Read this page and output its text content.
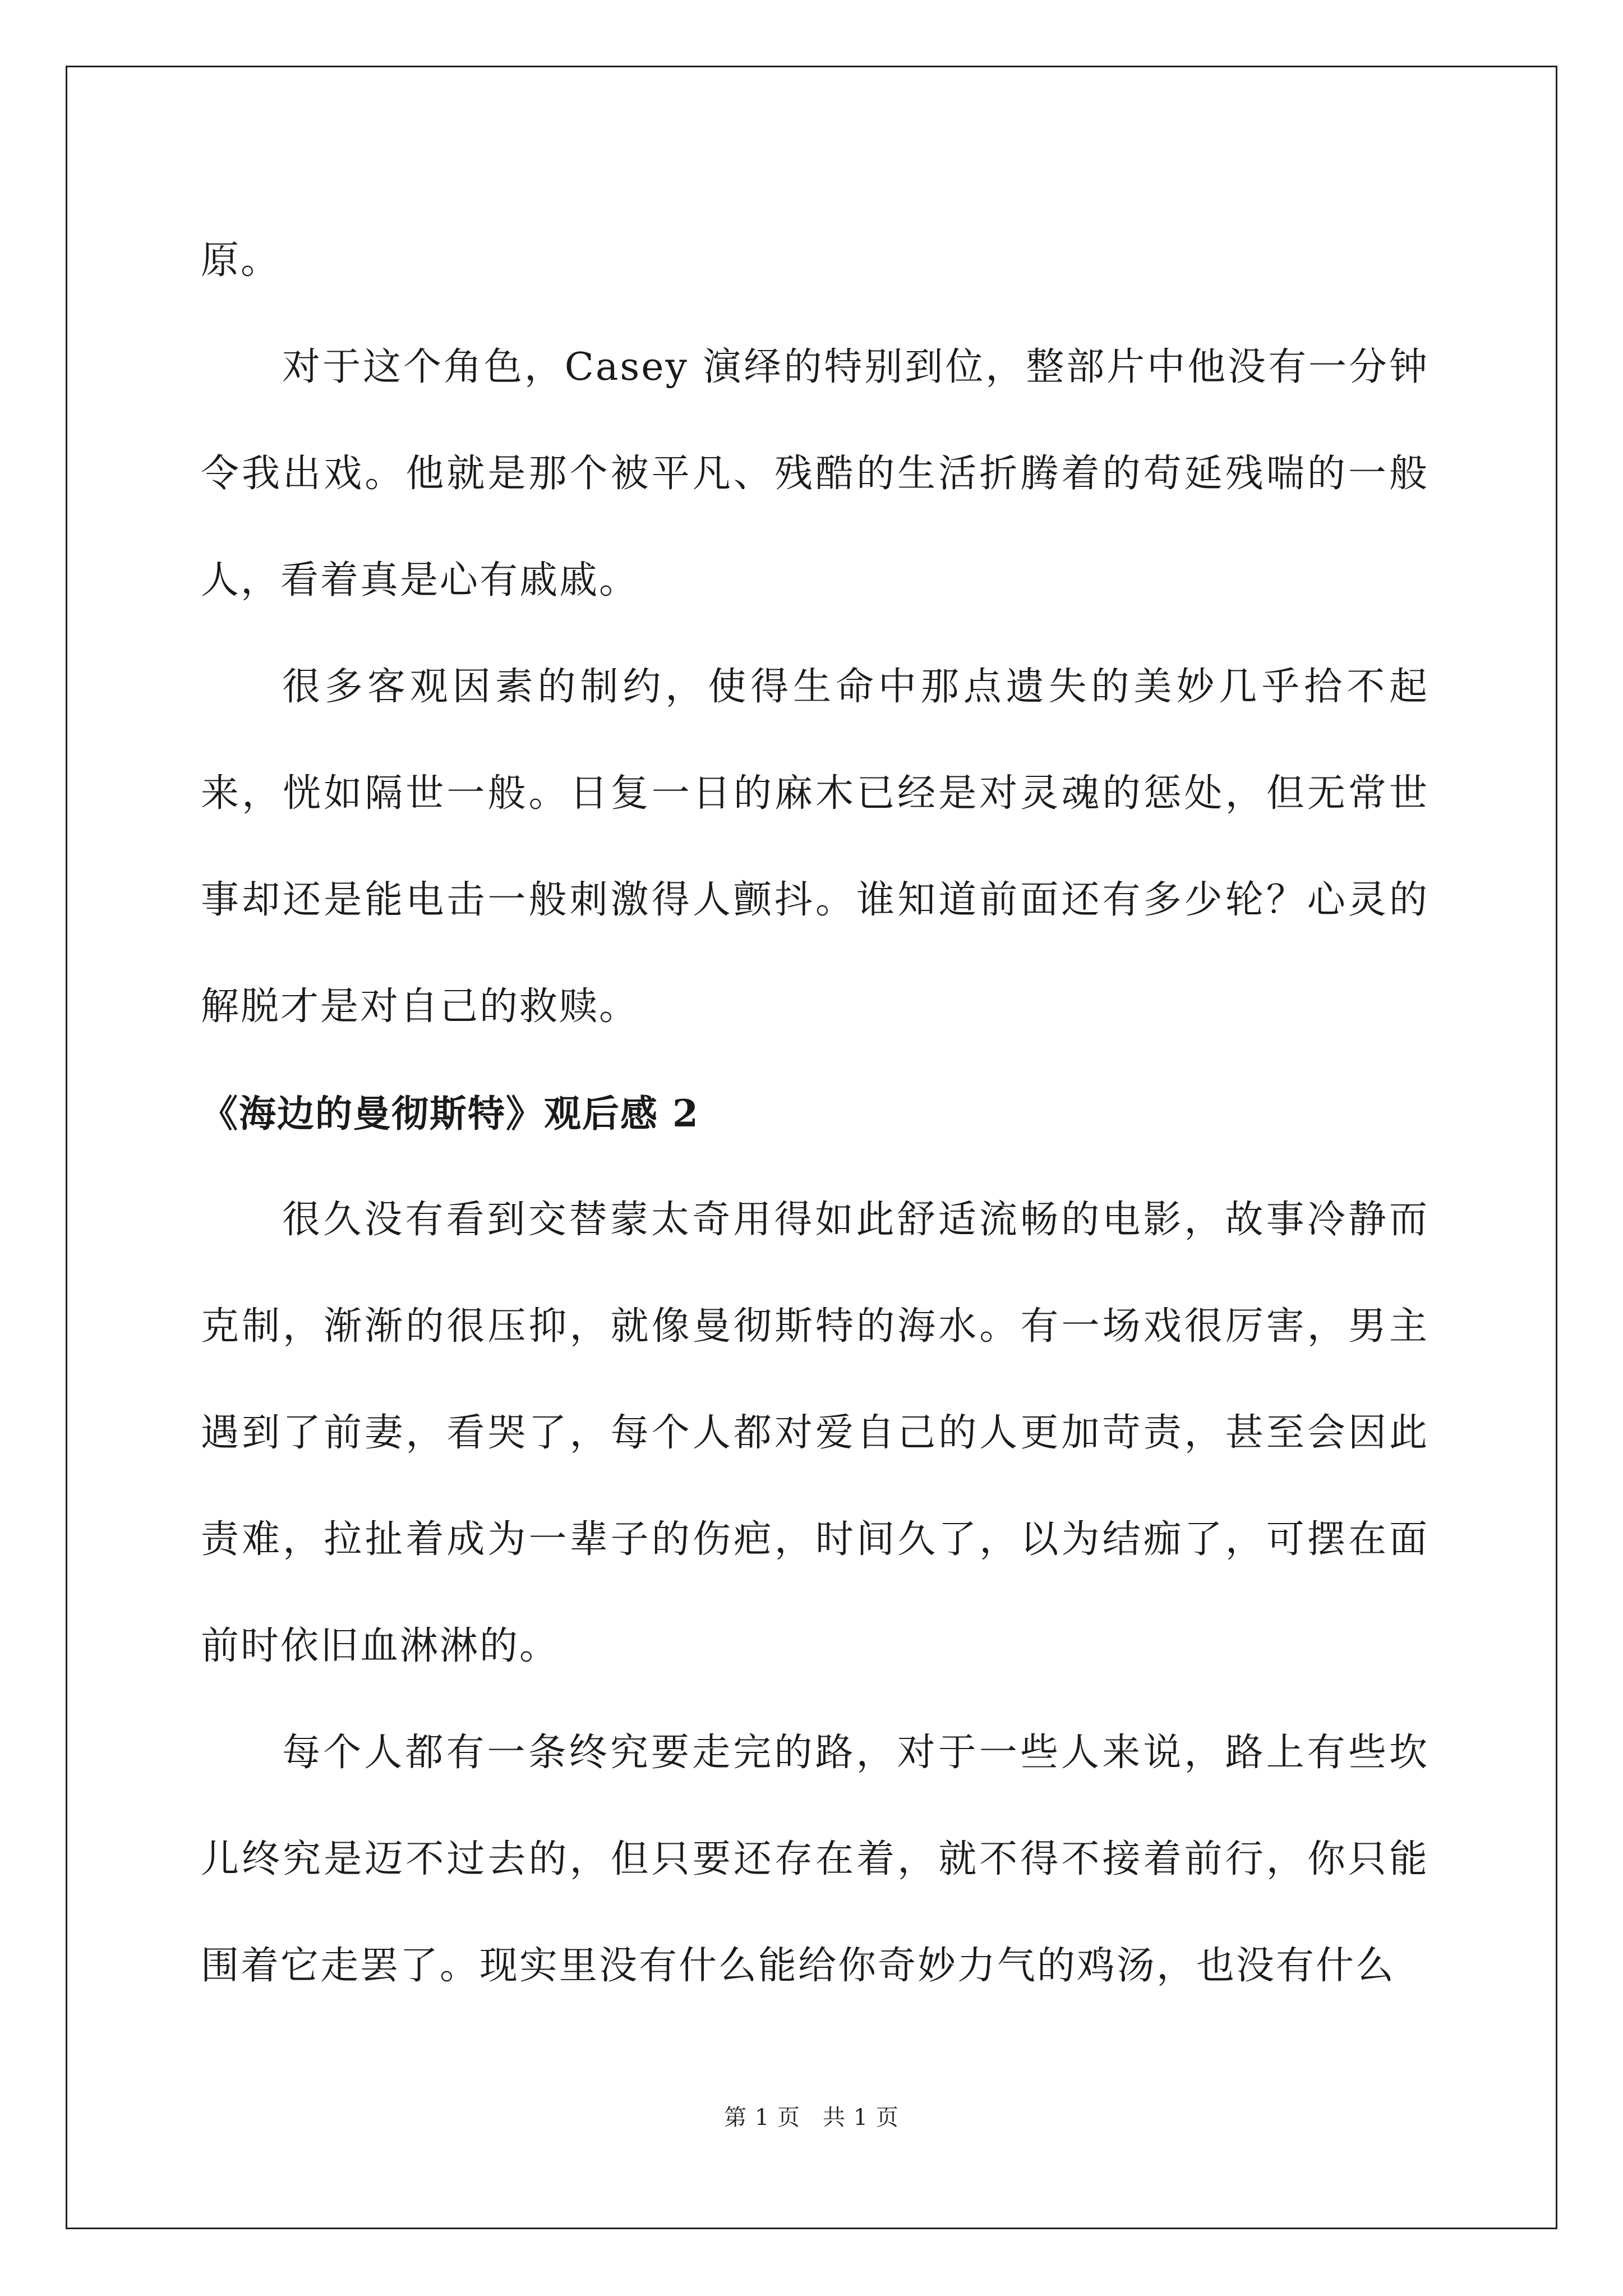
原。

对于这个角色，Casey 演绎的特别到位，整部片中他没有一分钟令我出戏。他就是那个被平凡、残酷的生活折腾着的苟延残喘的一般人，看着真是心有戚戚。

很多客观因素的制约，使得生命中那点遗失的美妙几乎拾不起来，恍如隔世一般。日复一日的麻木已经是对灵魂的惩处，但无常世事却还是能电击一般刺激得人颤抖。谁知道前面还有多少轮？心灵的解脱才是对自己的救赎。

《海边的曼彻斯特》观后感 2

很久没有看到交替蒙太奇用得如此舒适流畅的电影，故事冷静而克制，渐渐的很压抑，就像曼彻斯特的海水。有一场戏很厉害，男主遇到了前妻，看哭了，每个人都对爱自己的人更加苛责，甚至会因此责难，拉扯着成为一辈子的伤疤，时间久了，以为结痂了，可摆在面前时依旧血淋淋的。

每个人都有一条终究要走完的路，对于一些人来说，路上有些坎儿终究是迈不过去的，但只要还存在着，就不得不接着前行，你只能围着它走罢了。现实里没有什么能给你奇妙力气的鸡汤，也没有什么

第 1 页 共 1 页
